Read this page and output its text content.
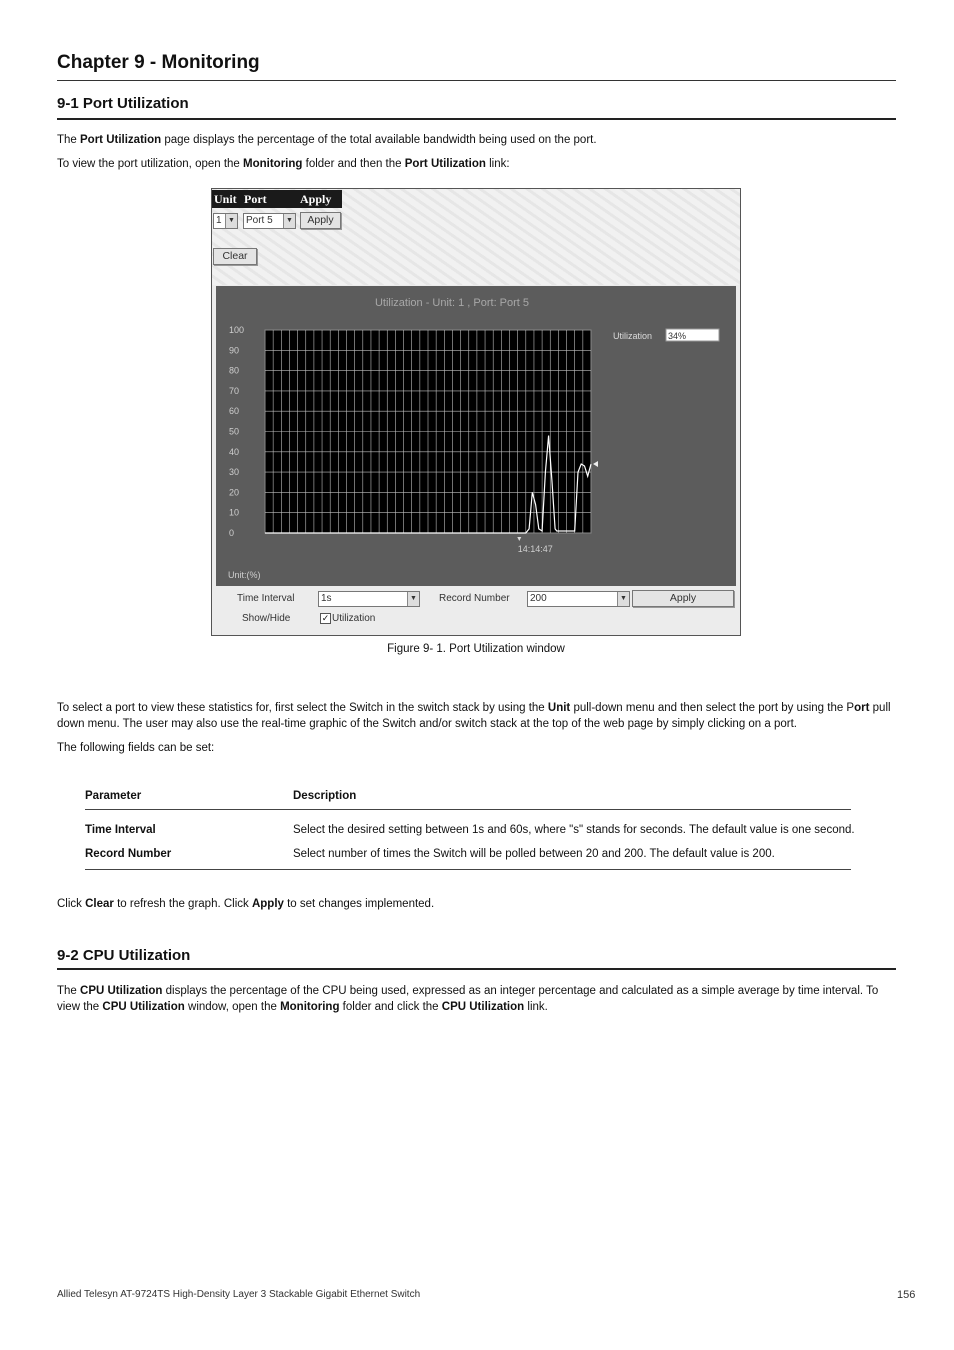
Chapter 9 - Monitoring
9-1 Port Utilization

The Port Utilization page displays the percentage of the total available bandwidth being used on the port.

To view the port utilization, open the Monitoring folder and then the Port Utilization link:

Unit Port	Apply
1 ▼	Port 5	▼	Apply
Clear
Utilization - Unit: 1 , Port: Port 5
100
90
80
70
60
50
40
30
20
10
0
14:14:47
Unit:(%)
Utilization 34%
Time Interval	1s	▼ Record Number	200	▼	Apply
Show/Hide	✓ Utilization
Figure 9- 1. Port Utilization window

To select a port to view these statistics for, first select the Switch in the switch stack by using the Unit pull-down menu and then select the port by using the Port pull down menu. The user may also use the real-time graphic of the Switch and/or switch stack at the top of the web page by simply clicking on a port.

The following fields can be set:

Parameter	Description
Time Interval	Select the desired setting between 1s and 60s, where "s" stands for seconds. The default value is one second.
Record Number	Select number of times the Switch will be polled between 20 and 200. The default value is 200.

Click Clear to refresh the graph. Click Apply to set changes implemented.

9-2 CPU Utilization

The CPU Utilization displays the percentage of the CPU being used, expressed as an integer percentage and calculated as a simple average by time interval. To view the CPU Utilization window, open the Monitoring folder and click the CPU Utilization link.

Allied Telesyn AT-9724TS High-Density Layer 3 Stackable Gigabit Ethernet Switch	156
